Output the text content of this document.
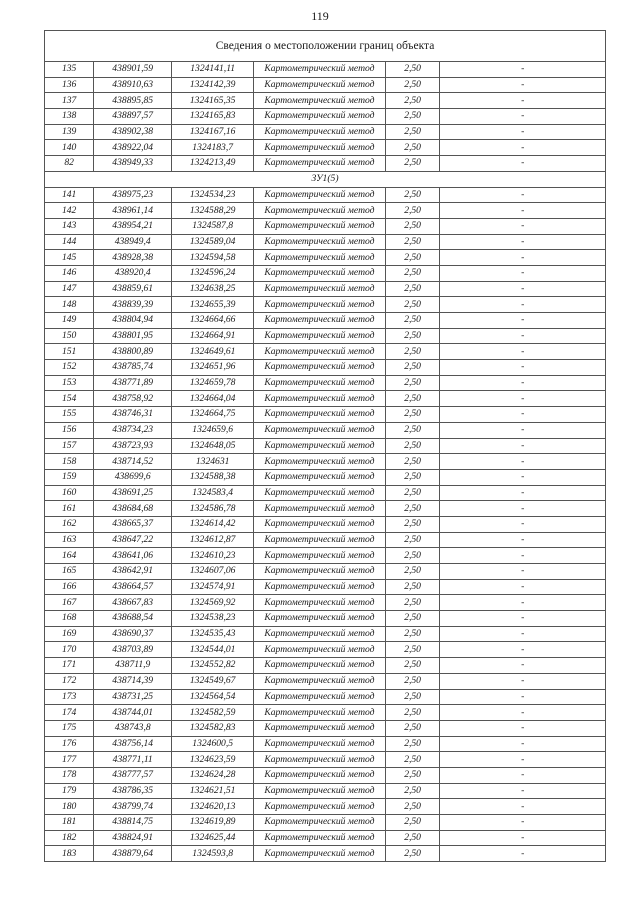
119
Сведения о местоположении границ объекта					
135	438901,59	1324141,11	Картометрический метод	2,50	-
136	438910,63	1324142,39	Картометрический метод	2,50	-
137	438895,85	1324165,35	Картометрический метод	2,50	-
138	438897,57	1324165,83	Картометрический метод	2,50	-
139	438902,38	1324167,16	Картометрический метод	2,50	-
140	438922,04	1324183,7	Картометрический метод	2,50	-
82	438949,33	1324213,49	Картометрический метод	2,50	-
ЗУ1(5)					
141	438975,23	1324534,23	Картометрический метод	2,50	-
142	438961,14	1324588,29	Картометрический метод	2,50	-
143	438954,21	1324587,8	Картометрический метод	2,50	-
144	438949,4	1324589,04	Картометрический метод	2,50	-
145	438928,38	1324594,58	Картометрический метод	2,50	-
146	438920,4	1324596,24	Картометрический метод	2,50	-
147	438859,61	1324638,25	Картометрический метод	2,50	-
148	438839,39	1324655,39	Картометрический метод	2,50	-
149	438804,94	1324664,66	Картометрический метод	2,50	-
150	438801,95	1324664,91	Картометрический метод	2,50	-
151	438800,89	1324649,61	Картометрический метод	2,50	-
152	438785,74	1324651,96	Картометрический метод	2,50	-
153	438771,89	1324659,78	Картометрический метод	2,50	-
154	438758,92	1324664,04	Картометрический метод	2,50	-
155	438746,31	1324664,75	Картометрический метод	2,50	-
156	438734,23	1324659,6	Картометрический метод	2,50	-
157	438723,93	1324648,05	Картометрический метод	2,50	-
158	438714,52	1324631	Картометрический метод	2,50	-
159	438699,6	1324588,38	Картометрический метод	2,50	-
160	438691,25	1324583,4	Картометрический метод	2,50	-
161	438684,68	1324586,78	Картометрический метод	2,50	-
162	438665,37	1324614,42	Картометрический метод	2,50	-
163	438647,22	1324612,87	Картометрический метод	2,50	-
164	438641,06	1324610,23	Картометрический метод	2,50	-
165	438642,91	1324607,06	Картометрический метод	2,50	-
166	438664,57	1324574,91	Картометрический метод	2,50	-
167	438667,83	1324569,92	Картометрический метод	2,50	-
168	438688,54	1324538,23	Картометрический метод	2,50	-
169	438690,37	1324535,43	Картометрический метод	2,50	-
170	438703,89	1324544,01	Картометрический метод	2,50	-
171	438711,9	1324552,82	Картометрический метод	2,50	-
172	438714,39	1324549,67	Картометрический метод	2,50	-
173	438731,25	1324564,54	Картометрический метод	2,50	-
174	438744,01	1324582,59	Картометрический метод	2,50	-
175	438743,8	1324582,83	Картометрический метод	2,50	-
176	438756,14	1324600,5	Картометрический метод	2,50	-
177	438771,11	1324623,59	Картометрический метод	2,50	-
178	438777,57	1324624,28	Картометрический метод	2,50	-
179	438786,35	1324621,51	Картометрический метод	2,50	-
180	438799,74	1324620,13	Картометрический метод	2,50	-
181	438814,75	1324619,89	Картометрический метод	2,50	-
182	438824,91	1324625,44	Картометрический метод	2,50	-
183	438879,64	1324593,8	Картометрический метод	2,50	-
